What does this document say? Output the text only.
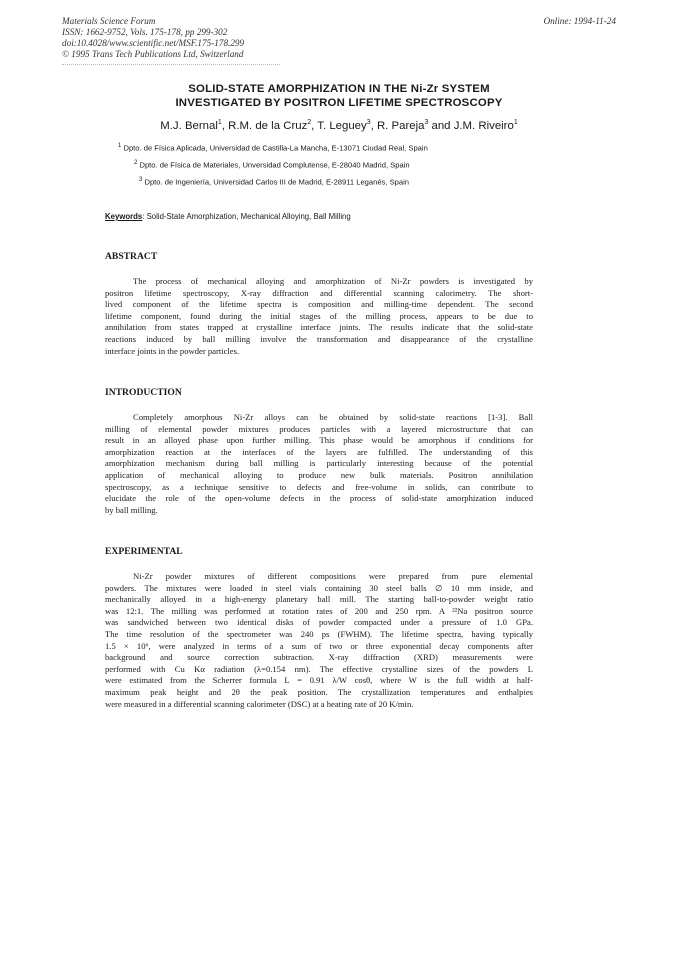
Materials Science Forum
ISSN: 1662-9752, Vols. 175-178, pp 299-302
doi:10.4028/www.scientific.net/MSF.175-178.299
© 1995 Trans Tech Publications Ltd, Switzerland
Online: 1994-11-24
SOLID-STATE AMORPHIZATION IN THE Ni-Zr SYSTEM
INVESTIGATED BY POSITRON LIFETIME SPECTROSCOPY
M.J. Bernal$^1$, R.M. de la Cruz$^2$, T. Leguey$^3$, R. Pareja$^3$ and J.M. Riveiro$^1$
$^1$ Dpto. de Física Aplicada, Universidad de Castilla-La Mancha, E-13071 Ciudad Real, Spain
$^2$ Dpto. de Física de Materiales, Unversidad Complutense, E-28040 Madrid, Spain
$^3$ Dpto. de Ingeniería, Universidad Carlos III de Madrid, E-28911 Leganés, Spain
Keywords: Solid-State Amorphization, Mechanical Alloying, Ball Milling
ABSTRACT
The process of mechanical alloying and amorphization of Ni-Zr powders is investigated by
positron lifetime spectroscopy, X-ray diffraction and differential scanning calorimetry. The short-
lived component of the lifetime spectra is composition and milling-time dependent. The second
lifetime component, found during the initial stages of the milling process, appears to be due to
annihilation from states trapped at crystalline interface joints. The results indicate that the solid-state
reactions induced by ball milling involve the transformation and disappearance of the crystalline
interface joints in the powder particles.
INTRODUCTION
Completely amorphous Ni-Zr alloys can be obtained by solid-state reactions [1-3]. Ball
milling of elemental powder mixtures produces particles with a layered microstructure that can
result in an alloyed phase upon further milling. This phase would be amorphous if conditions for
amorphization reaction at the interfaces of the layers are fulfilled. The understanding of this
amorphization mechanism during ball milling is particularly interesting because of the potential
application of mechanical alloying to produce new bulk materials. Positron annihilation
spectroscopy, as a technique sensitive to defects and free-volume in solids, can contribute to
elucidate the role of the open-volume defects in the process of solid-state amorphization induced
by ball milling.
EXPERIMENTAL
Ni-Zr powder mixtures of different compositions were prepared from pure elemental
powders. The mixtures were loaded in steel vials containing 30 steel balls ∅ 10 mm inside, and
mechanically alloyed in a high-energy planetary ball mill. The starting ball-to-powder weight ratio
was 12:1. The milling was performed at rotation rates of 200 and 250 rpm. A ²²Na positron source
was sandwiched between two identical disks of powder compacted under a pressure of 1.0 GPa.
The time resolution of the spectrometer was 240 ps (FWHM). The lifetime spectra, having typically
1.5 × 10⁶, were analyzed in terms of a sum of two or three exponential decay components after
background and source correction subtraction. X-ray diffraction (XRD) measurements were
performed with Cu Kα radiation (λ=0.154 nm). The effective crystalline sizes of the powders L
were estimated from the Scherrer formula L = 0.91 λ/W cosθ, where W is the full width at half-
maximum peak height and 2θ the peak position. The crystallization temperatures and enthalpies
were measured in a differential scanning calorimeter (DSC) at a heating rate of 20 K/min.
